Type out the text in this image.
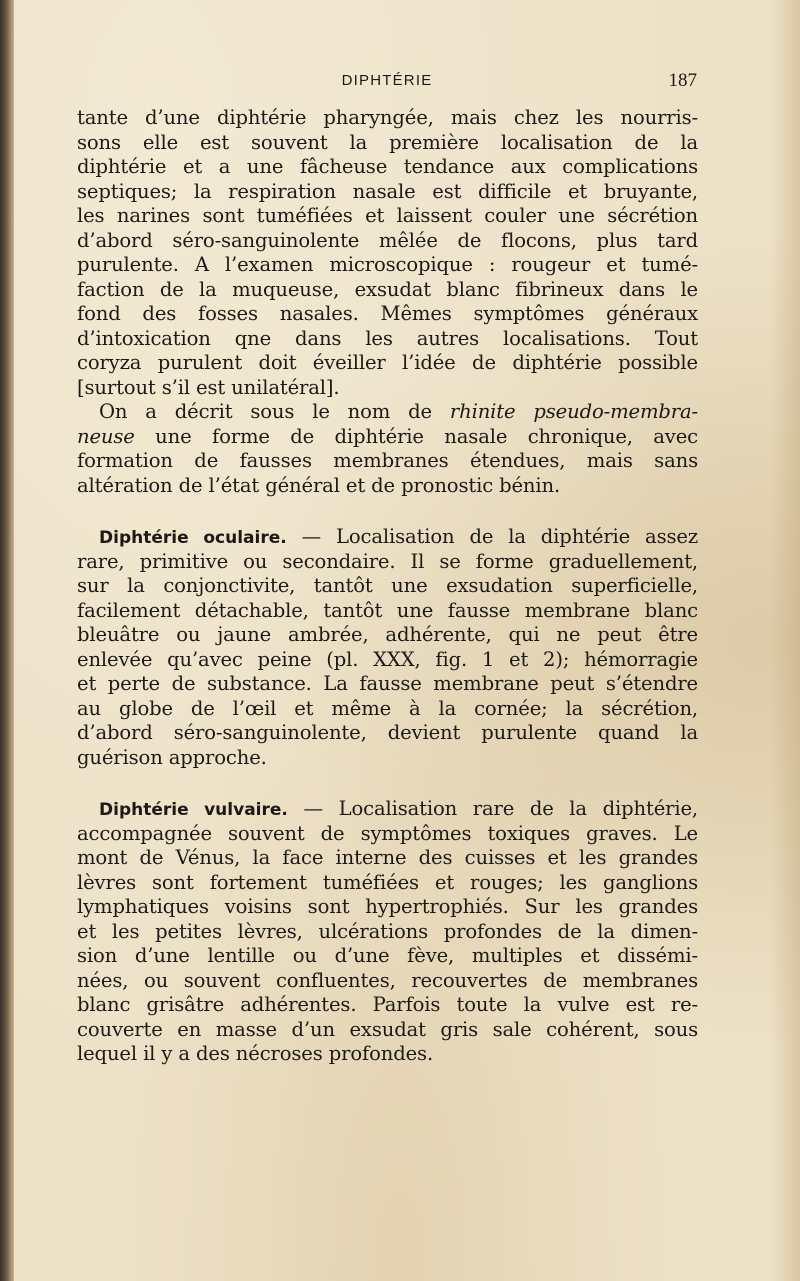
DIPHTÉRIE	187
tante d’une diphtérie pharyngée, mais chez les nourris-
sons elle est souvent la première localisation de la
diphtérie et a une fâcheuse tendance aux complications
septiques; la respiration nasale est difficile et bruyante,
les narines sont tuméfiées et laissent couler une sécrétion
d’abord séro-sanguinolente mêlée de flocons, plus tard
purulente. A l’examen microscopique : rougeur et tumé-
faction de la muqueuse, exsudat blanc fibrineux dans le
fond des fosses nasales. Mêmes symptômes généraux
d’intoxication qne dans les autres localisations. Tout
coryza purulent doit éveiller l’idée de diphtérie possible
[surtout s’il est unilatéral].
On a décrit sous le nom de rhinite pseudo-membra-
neuse une forme de diphtérie nasale chronique, avec
formation de fausses membranes étendues, mais sans
altération de l’état général et de pronostic bénin.
Diphtérie oculaire. — Localisation de la diphtérie assez
rare, primitive ou secondaire. Il se forme graduellement,
sur la conjonctivite, tantôt une exsudation superficielle,
facilement détachable, tantôt une fausse membrane blanc
bleuâtre ou jaune ambrée, adhérente, qui ne peut être
enlevée qu’avec peine (pl. XXX, fig. 1 et 2); hémorragie
et perte de substance. La fausse membrane peut s’étendre
au globe de l’œil et même à la cornée; la sécrétion,
d’abord séro-sanguinolente, devient purulente quand la
guérison approche.
Diphtérie vulvaire. — Localisation rare de la diphtérie,
accompagnée souvent de symptômes toxiques graves. Le
mont de Vénus, la face interne des cuisses et les grandes
lèvres sont fortement tuméfiées et rouges; les ganglions
lymphatiques voisins sont hypertrophiés. Sur les grandes
et les petites lèvres, ulcérations profondes de la dimen-
sion d’une lentille ou d’une fève, multiples et dissémi-
nées, ou souvent confluentes, recouvertes de membranes
blanc grisâtre adhérentes. Parfois toute la vulve est re-
couverte en masse d’un exsudat gris sale cohérent, sous
lequel il y a des nécroses profondes.
